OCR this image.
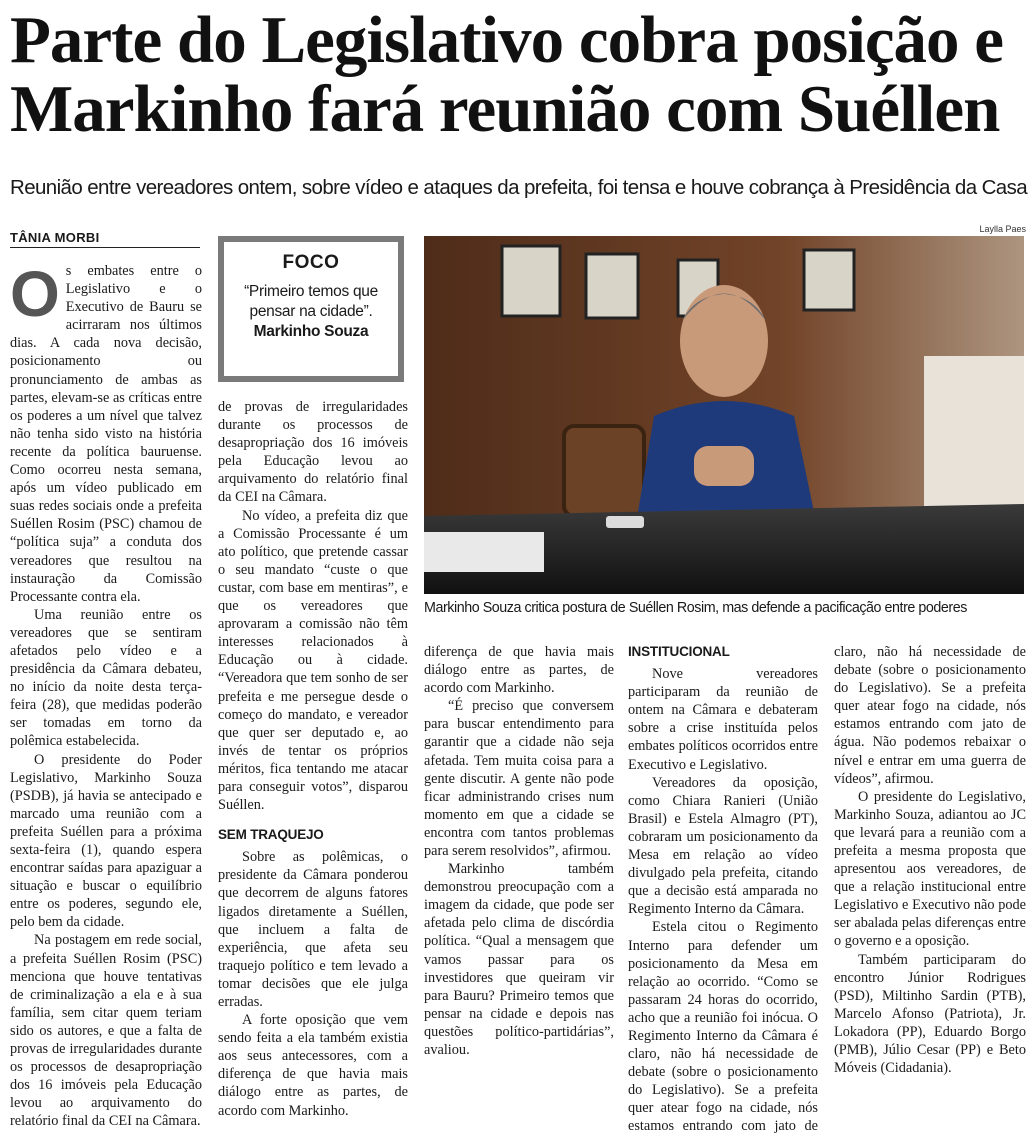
Parte do Legislativo cobra posição e
Markinho fará reunião com Suéllen
Reunião entre vereadores ontem, sobre vídeo e ataques da prefeita, foi tensa e houve cobrança à Presidência da Casa
TÂNIA MORBI
Laylla Paes

Os embates entre o Legislativo e o Executivo de Bauru se acirraram nos últimos dias. A cada nova decisão, posicionamento ou pronunciamento de ambas as partes, elevam-se as críticas entre os poderes a um nível que talvez não tenha sido visto na história recente da política bauruense. Como ocorreu nesta semana, após um vídeo publicado em suas redes sociais onde a prefeita Suéllen Rosim (PSC) chamou de “política suja” a conduta dos vereadores que resultou na instauração da Comissão Processante contra ela.

Uma reunião entre os vereadores que se sentiram afetados pelo vídeo e a presidência da Câmara debateu, no início da noite desta terça-feira (28), que medidas poderão ser tomadas em torno da polêmica estabelecida.

O presidente do Poder Legislativo, Markinho Souza (PSDB), já havia se antecipado e marcado uma reunião com a prefeita Suéllen para a próxima sexta-feira (1), quando espera encontrar saídas para apaziguar a situação e buscar o equilíbrio entre os poderes, segundo ele, pelo bem da cidade.

Na postagem em rede social, a prefeita Suéllen Rosim (PSC) menciona que houve tentativas de criminalização a ela e à sua família, sem citar quem teriam sido os autores, e que a falta de provas de irregularidades durante os processos de desapropriação dos 16 imóveis pela Educação levou ao arquivamento do relatório final da CEI na Câmara.

FOCO
“Primeiro temos que pensar na cidade”.
Markinho Souza

de provas de irregularidades durante os processos de desapropriação dos 16 imóveis pela Educação levou ao arquivamento do relatório final da CEI na Câmara.

No vídeo, a prefeita diz que a Comissão Processante é um ato político, que pretende cassar o seu mandato “custe o que custar, com base em mentiras”, e que os vereadores que aprovaram a comissão não têm interesses relacionados à Educação ou à cidade. “Vereadora que tem sonho de ser prefeita e me persegue desde o começo do mandato, e vereador que quer ser deputado e, ao invés de tentar os próprios méritos, fica tentando me atacar para conseguir votos”, disparou Suéllen.

SEM TRAQUEJO

Sobre as polêmicas, o presidente da Câmara ponderou que decorrem de alguns fatores ligados diretamente a Suéllen, que incluem a falta de experiência, que afeta seu traquejo político e tem levado a tomar decisões que ele julga erradas.

A forte oposição que vem sendo feita a ela também existia aos seus antecessores, com a diferença de que havia mais diálogo entre as partes, de acordo com Markinho.

Markinho Souza critica postura de Suéllen Rosim, mas defende a pacificação entre poderes

diferença de que havia mais diálogo entre as partes, de acordo com Markinho.

“É preciso que conversem para buscar entendimento para garantir que a cidade não seja afetada. Tem muita coisa para a gente discutir. A gente não pode ficar administrando crises num momento em que a cidade se encontra com tantos problemas para serem resolvidos”, afirmou.

Markinho também demonstrou preocupação com a imagem da cidade, que pode ser afetada pelo clima de discórdia política. “Qual a mensagem que vamos passar para os investidores que queiram vir para Bauru? Primeiro temos que pensar na cidade e depois nas questões político-partidárias”, avaliou.

INSTITUCIONAL

Nove vereadores participaram da reunião de ontem na Câmara e debateram sobre a crise instituída pelos embates políticos ocorridos entre Executivo e Legislativo.

Vereadores da oposição, como Chiara Ranieri (União Brasil) e Estela Almagro (PT), cobraram um posicionamento da Mesa em relação ao vídeo divulgado pela prefeita, citando que a decisão está amparada no Regimento Interno da Câmara.

Estela citou o Regimento Interno para defender um posicionamento da Mesa em relação ao ocorrido. “Como se passaram 24 horas do ocorrido, acho que a reunião foi inócua. O Regimento Interno da Câmara é claro, não há necessidade de debate (sobre o posicionamento do Legislativo). Se a prefeita quer atear fogo na cidade, nós estamos entrando com jato de

claro, não há necessidade de debate (sobre o posicionamento do Legislativo). Se a prefeita quer atear fogo na cidade, nós estamos entrando com jato de água. Não podemos rebaixar o nível e entrar em uma guerra de vídeos”, afirmou.

O presidente do Legislativo, Markinho Souza, adiantou ao JC que levará para a reunião com a prefeita a mesma proposta que apresentou aos vereadores, de que a relação institucional entre Legislativo e Executivo não pode ser abalada pelas diferenças entre o governo e a oposição.

Também participaram do encontro Júnior Rodrigues (PSD), Miltinho Sardin (PTB), Marcelo Afonso (Patriota), Jr. Lokadora (PP), Eduardo Borgo (PMB), Júlio Cesar (PP) e Beto Móveis (Cidadania).
